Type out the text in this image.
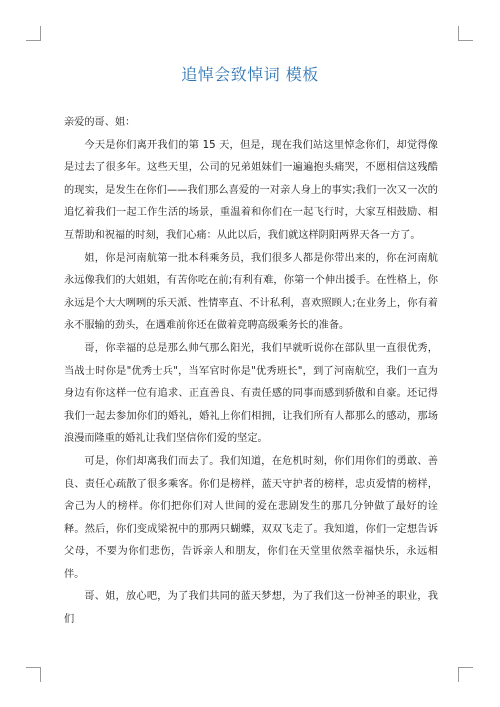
追悼会致悼词 模板

亲爱的哥、姐：

今天是你们离开我们的第 15 天，但是，现在我们站这里悼念你们，却觉得像是过去了很多年。这些天里，公司的兄弟姐妹们一遍遍抱头痛哭，不愿相信这残酷的现实，是发生在你们——我们那么喜爱的一对亲人身上的事实;我们一次又一次的追忆着我们一起工作生活的场景，重温着和你们在一起飞行时，大家互相鼓励、相互帮助和祝福的时刻，我们心痛：从此以后，我们就这样阴阳两界天各一方了。

姐，你是河南航第一批本科乘务员，我们很多人都是你带出来的，你在河南航永远像我们的大姐姐，有苦你吃在前;有利有难，你第一个伸出援手。在性格上，你永远是个大大咧咧的乐天派、性情率直、不计私利，喜欢照顾人;在业务上，你有着永不服输的劲头，在遇难前你还在做着竞聘高级乘务长的准备。

哥，你幸福的总是那么帅气那么阳光，我们早就听说你在部队里一直很优秀，当战士时你是"优秀士兵"，当军官时你是"优秀班长"，到了河南航空，我们一直为身边有你这样一位有追求、正直善良、有责任感的同事而感到骄傲和自豪。还记得我们一起去参加你们的婚礼，婚礼上你们相拥，让我们所有人都那么的感动，那场浪漫而隆重的婚礼让我们坚信你们爱的坚定。

可是，你们却离我们而去了。我们知道，在危机时刻，你们用你们的勇敢、善良、责任心疏散了很多乘客。你们是榜样，蓝天守护者的榜样，忠贞爱情的榜样，舍己为人的榜样。你们把你们对人世间的爱在悲剧发生的那几分钟做了最好的诠释。然后，你们变成梁祝中的那两只蝴蝶，双双飞走了。我知道，你们一定想告诉父母，不要为你们悲伤，告诉亲人和朋友，你们在天堂里依然幸福快乐，永远相伴。

哥、姐，放心吧，为了我们共同的蓝天梦想，为了我们这一份神圣的职业，我们
